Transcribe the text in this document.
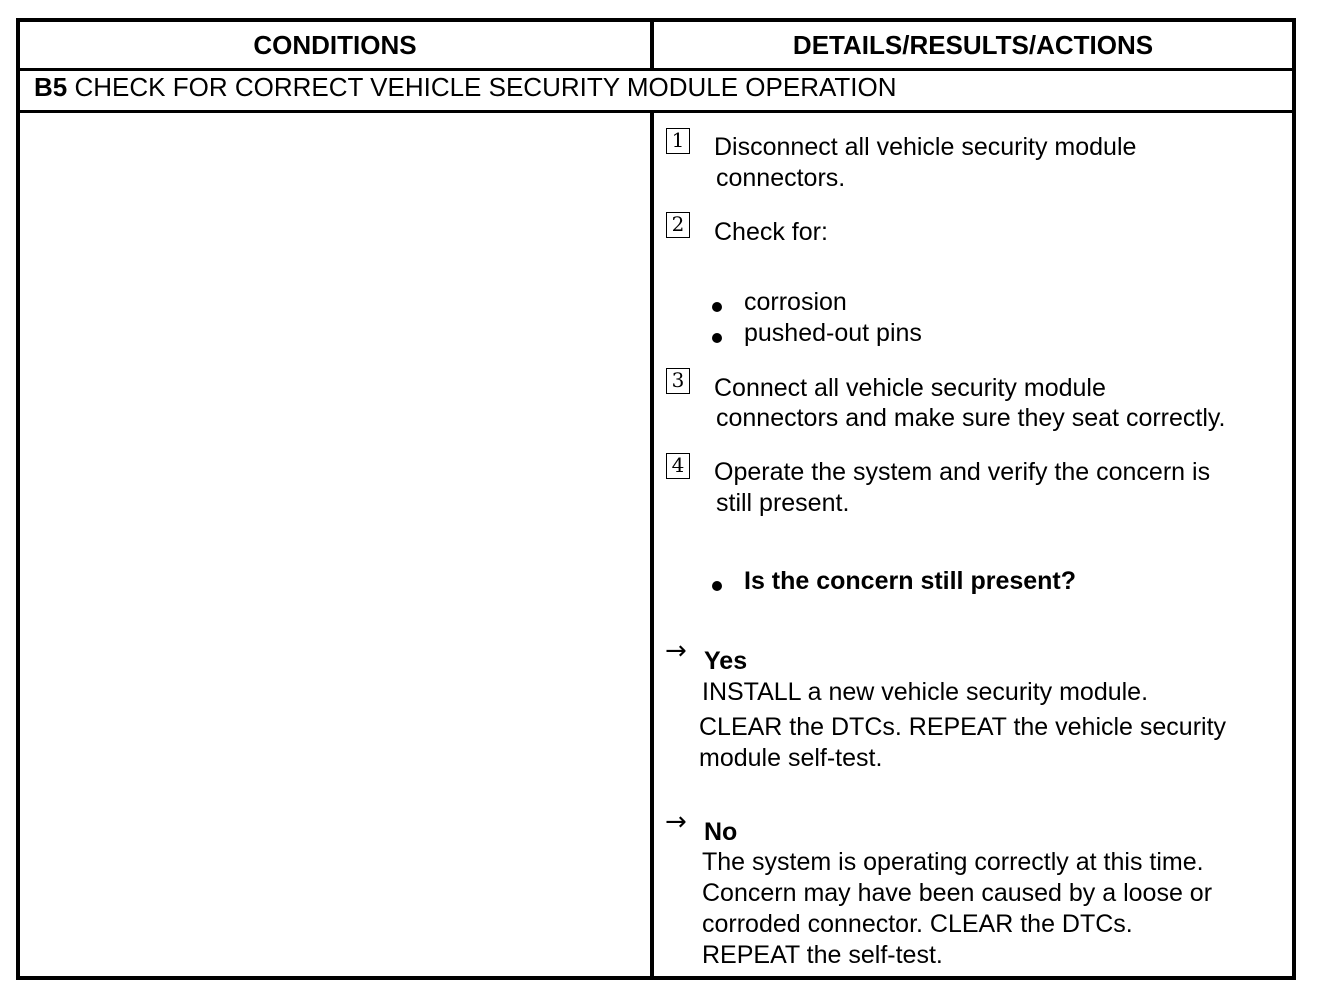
CONDITIONS	DETAILS/RESULTS/ACTIONS
B5 CHECK FOR CORRECT VEHICLE SECURITY MODULE OPERATION
1 Disconnect all vehicle security module
connectors.
2 Check for:
corrosion
pushed-out pins
3 Connect all vehicle security module
connectors and make sure they seat correctly.
4 Operate the system and verify the concern is
still present.
Is the concern still present?
→ Yes
INSTALL a new vehicle security module.
CLEAR the DTCs. REPEAT the vehicle security
module self-test.
→ No
The system is operating correctly at this time.
Concern may have been caused by a loose or
corroded connector. CLEAR the DTCs.
REPEAT the self-test.
